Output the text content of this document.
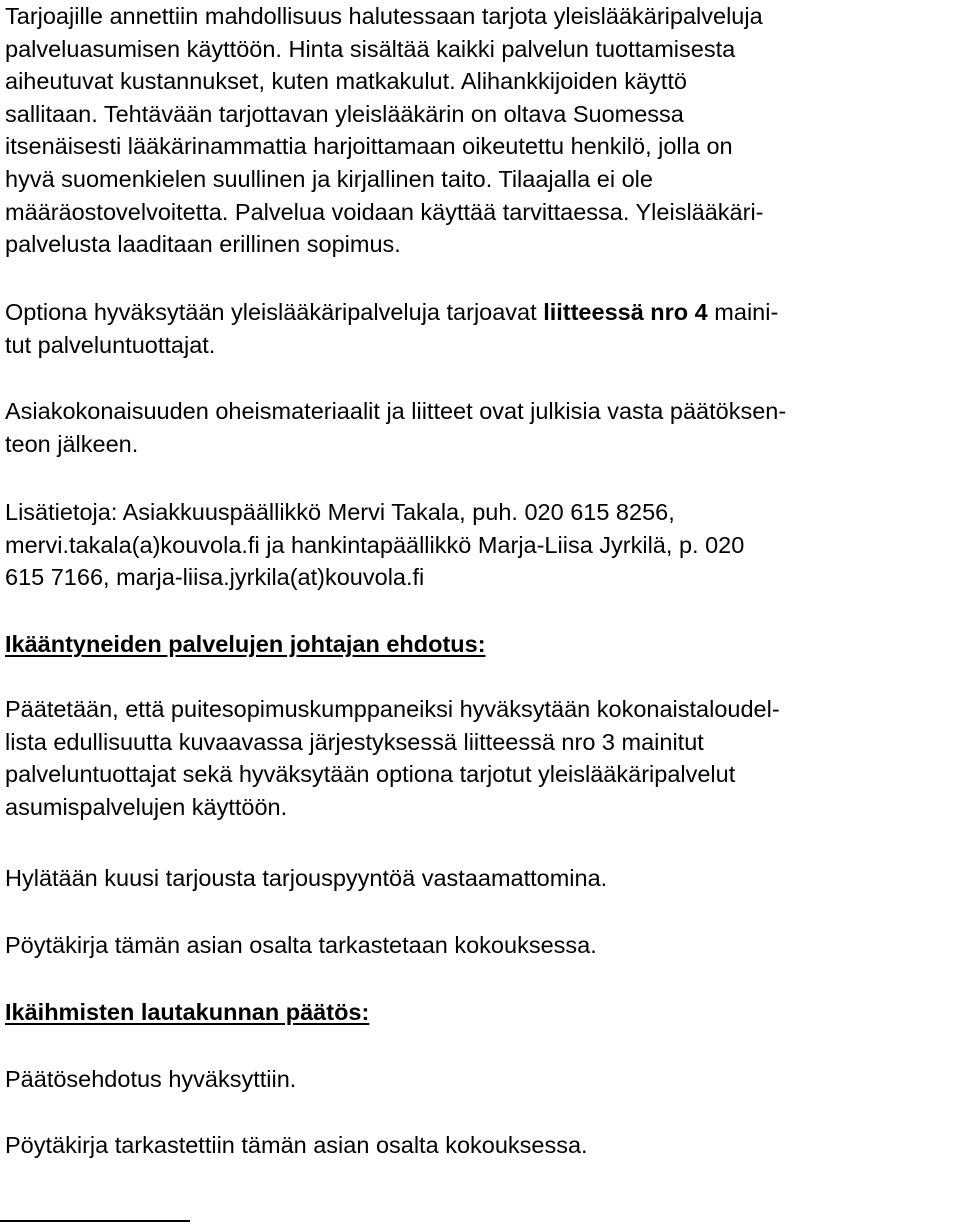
Tarjoajille annettiin mahdollisuus halutessaan tarjota yleislääkäripalveluja
palveluasumisen käyttöön. Hinta sisältää kaikki palvelun tuottamisesta
aiheutuvat kustannukset, kuten matkakulut. Alihankkijoiden käyttö
sallitaan. Tehtävään tarjottavan yleislääkärin on oltava Suomessa
itsenäisesti lääkärinammattia harjoittamaan oikeutettu henkilö, jolla on
hyvä suomenkielen suullinen ja kirjallinen taito. Tilaajalla ei ole
määräostovelvoitetta. Palvelua voidaan käyttää tarvittaessa. Yleislääkäri-
palvelusta laaditaan erillinen sopimus.

Optiona hyväksytään yleislääkäripalveluja tarjoavat liitteessä nro 4 maini-
tut palveluntuottajat.

Asiakokonaisuuden oheismateriaalit ja liitteet ovat julkisia vasta päätöksen-
teon jälkeen.

Lisätietoja: Asiakkuuspäällikkö Mervi Takala, puh. 020 615 8256,
mervi.takala(a)kouvola.fi ja hankintapäällikkö Marja-Liisa Jyrkilä, p. 020
615 7166, marja-liisa.jyrkila(at)kouvola.fi

Ikääntyneiden palvelujen johtajan ehdotus:

Päätetään, että puitesopimuskumppaneiksi hyväksytään kokonaistaloudel-
lista edullisuutta kuvaavassa järjestyksessä liitteessä nro 3 mainitut
palveluntuottajat sekä hyväksytään optiona tarjotut yleislääkäripalvelut
asumispalvelujen käyttöön.

Hylätään kuusi tarjousta tarjouspyyntöä vastaamattomina.

Pöytäkirja tämän asian osalta tarkastetaan kokouksessa.

Ikäihmisten lautakunnan päätös:

Päätösehdotus hyväksyttiin.

Pöytäkirja tarkastettiin tämän asian osalta kokouksessa.
